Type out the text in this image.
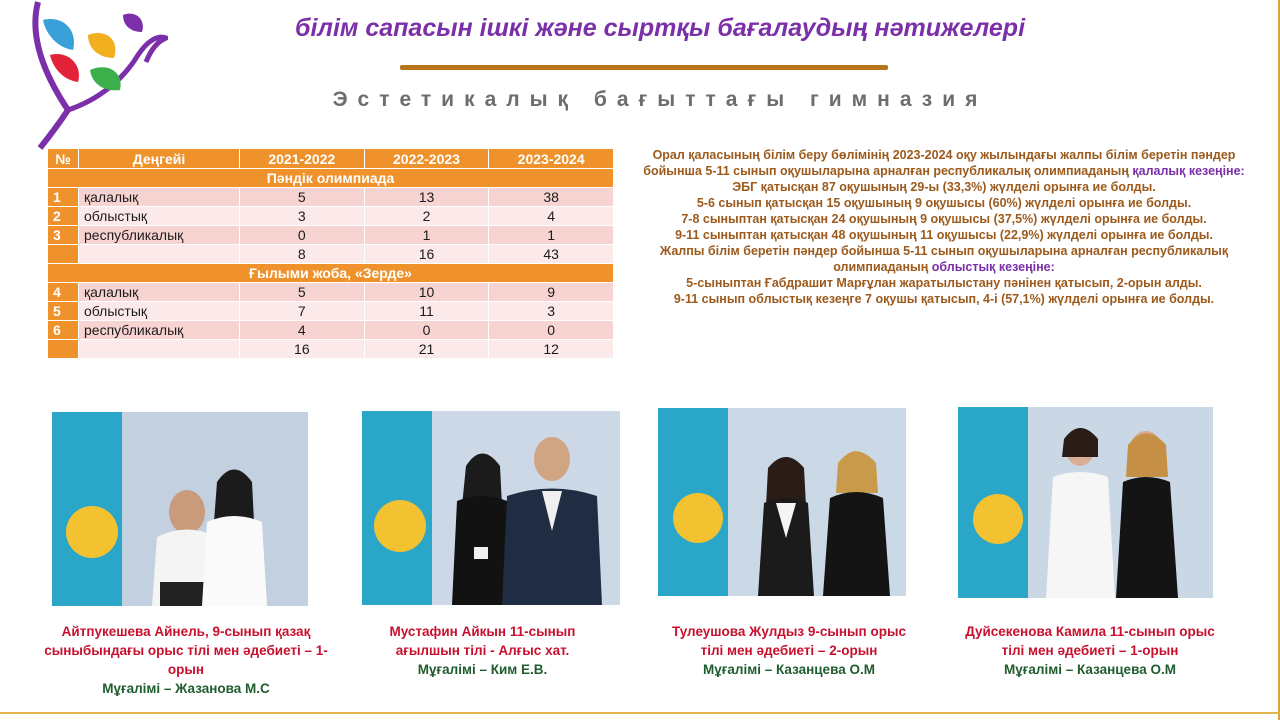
білім сапасын ішкі және сыртқы бағалаудың нәтижелері
Эстетикалық бағыттағы гимназия
№	Деңгейі	2021-2022	2022-2023	2023-2024
Пәндік олимпиада				
1	қалалық	5	13	38
2	облыстық	3	2	4
3	республикалық	0	1	1
		8	16	43
Ғылыми жоба, «Зерде»				
4	қалалық	5	10	9
5	облыстық	7	11	3
6	республикалық	4	0	0
		16	21	12
Орал қаласының білім беру бөлімінің 2023-2024 оқу жылындағы жалпы білім беретін пәндер бойынша 5-11 сынып оқушыларына арналған республикалық олимпиаданың қалалық кезеңіне:
ЭБГ қатысқан 87 оқушының 29-ы (33,3%) жүлделі орынға ие болды.
5-6 сынып қатысқан 15 оқушының 9 оқушысы (60%) жүлделі орынға ие болды.
7-8 сыныптан қатысқан 24 оқушының 9 оқушысы (37,5%) жүлделі орынға ие болды.
9-11 сыныптан қатысқан 48 оқушының 11 оқушысы (22,9%) жүлделі орынға ие болды.
Жалпы білім беретін пәндер бойынша 5-11 сынып оқушыларына арналған республикалық олимпиаданың облыстық кезеңіне:
5-сыныптан Ғабдрашит Марғұлан жаратылыстану пәнінен қатысып, 2-орын алды.
9-11 сынып облыстық кезеңге 7 оқушы қатысып, 4-і (57,1%) жүлделі орынға ие болды.
Айтпукешева Айнель, 9-сынып қазақ сыныбындағы орыс тілі мен әдебиеті – 1-орын
Мұғалімі – Жазанова М.С
Мустафин Айкын 11-сынып ағылшын тілі - Алғыс хат.
Мұғалімі – Ким Е.В.
Тулеушова Жулдыз 9-сынып орыс тілі мен әдебиеті – 2-орын
Мұғалімі – Казанцева О.М
Дуйсекенова Камила 11-сынып орыс тілі мен әдебиеті – 1-орын
Мұғалімі – Казанцева О.М
